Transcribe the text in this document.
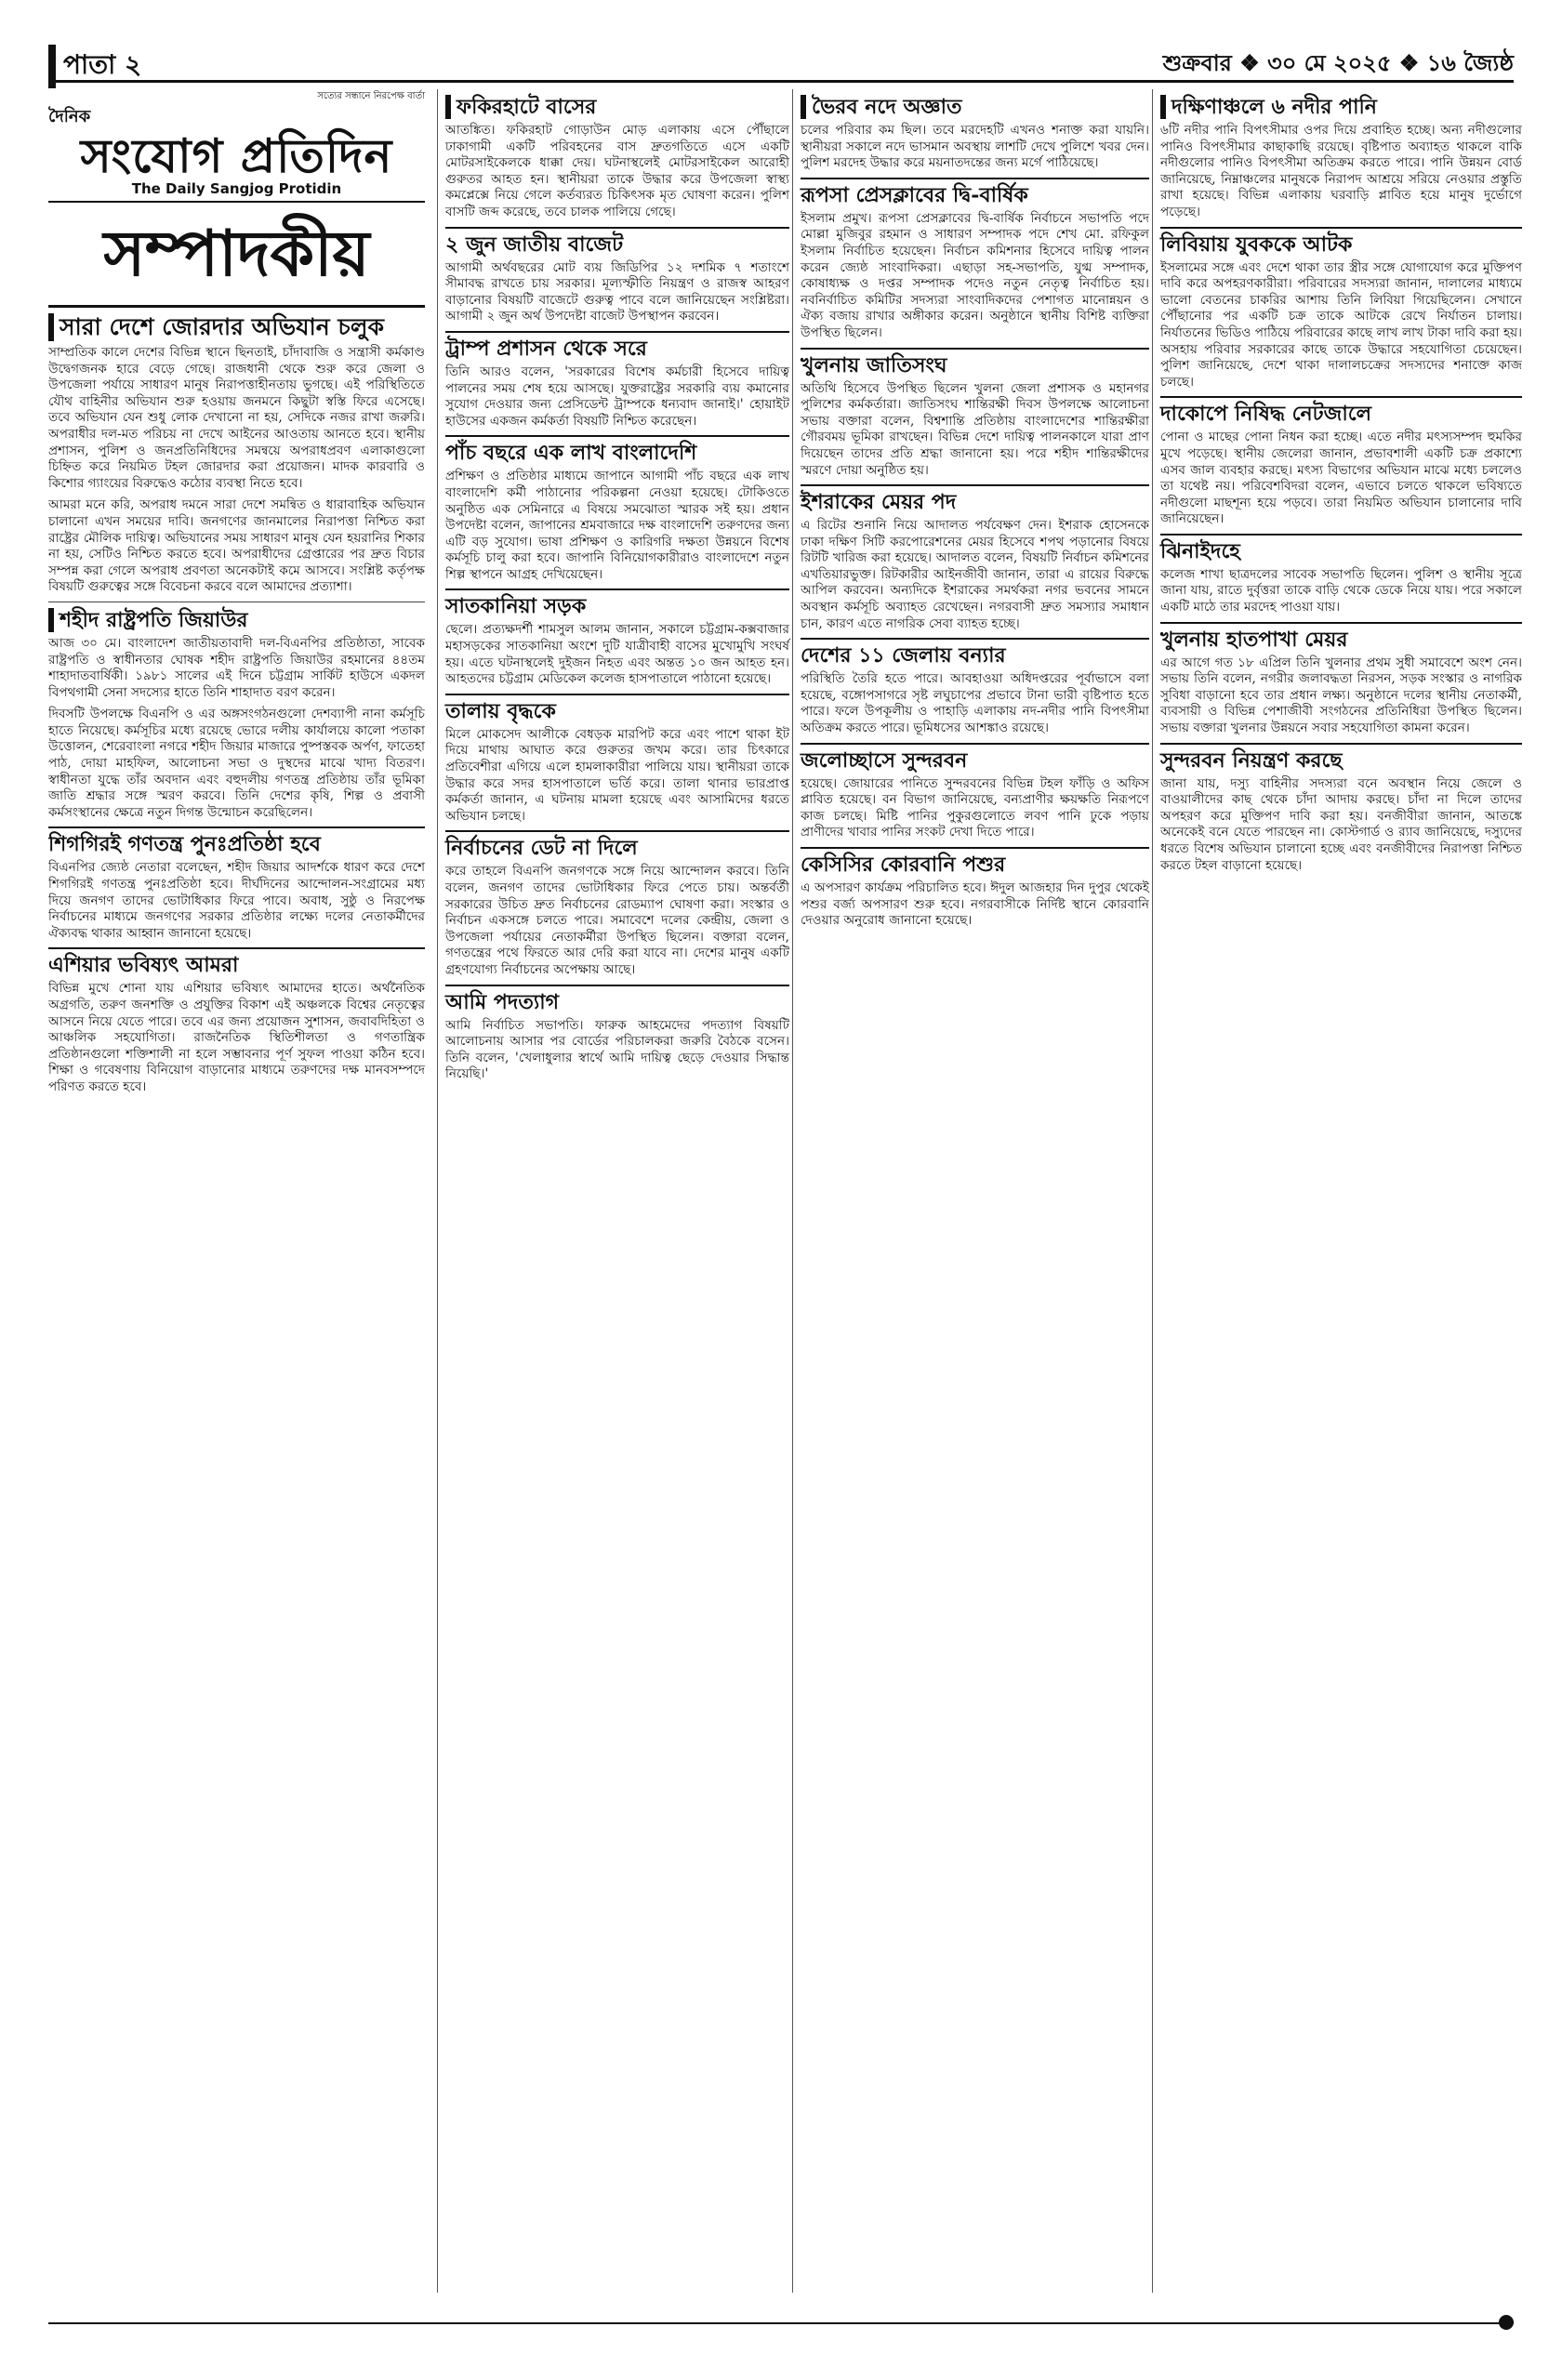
পাতা ২	শুক্রবার ❖ ৩০ মে ২০২৫ ❖ ১৬ জ্যৈষ্ঠ
সত্যের সন্ধানে নিরপেক্ষ বার্তা
দৈনিক
সংযোগ প্রতিদিন
The Daily Sangjog Protidin
সম্পাদকীয়
সারা দেশে জোরদার অভিযান চলুক

সাম্প্রতিক কালে দেশের বিভিন্ন স্থানে ছিনতাই, চাঁদাবাজি ও সন্ত্রাসী কর্মকাণ্ড উদ্বেগজনক হারে বেড়ে গেছে। রাজধানী থেকে শুরু করে জেলা ও উপজেলা পর্যায়ে সাধারণ মানুষ নিরাপত্তাহীনতায় ভুগছে। এই পরিস্থিতিতে যৌথ বাহিনীর অভিযান শুরু হওয়ায় জনমনে কিছুটা স্বস্তি ফিরে এসেছে। তবে অভিযান যেন শুধু লোক দেখানো না হয়, সেদিকে নজর রাখা জরুরি। অপরাধীর দল-মত পরিচয় না দেখে আইনের আওতায় আনতে হবে। স্থানীয় প্রশাসন, পুলিশ ও জনপ্রতিনিধিদের সমন্বয়ে অপরাধপ্রবণ এলাকাগুলো চিহ্নিত করে নিয়মিত টহল জোরদার করা প্রয়োজন। মাদক কারবারি ও কিশোর গ্যাংয়ের বিরুদ্ধেও কঠোর ব্যবস্থা নিতে হবে।

আমরা মনে করি, অপরাধ দমনে সারা দেশে সমন্বিত ও ধারাবাহিক অভিযান চালানো এখন সময়ের দাবি। জনগণের জানমালের নিরাপত্তা নিশ্চিত করা রাষ্ট্রের মৌলিক দায়িত্ব। অভিযানের সময় সাধারণ মানুষ যেন হয়রানির শিকার না হয়, সেটিও নিশ্চিত করতে হবে। অপরাধীদের গ্রেপ্তারের পর দ্রুত বিচার সম্পন্ন করা গেলে অপরাধ প্রবণতা অনেকটাই কমে আসবে। সংশ্লিষ্ট কর্তৃপক্ষ বিষয়টি গুরুত্বের সঙ্গে বিবেচনা করবে বলে আমাদের প্রত্যাশা।

শহীদ রাষ্ট্রপতি জিয়াউর

আজ ৩০ মে। বাংলাদেশ জাতীয়তাবাদী দল-বিএনপির প্রতিষ্ঠাতা, সাবেক রাষ্ট্রপতি ও স্বাধীনতার ঘোষক শহীদ রাষ্ট্রপতি জিয়াউর রহমানের ৪৪তম শাহাদাতবার্ষিকী। ১৯৮১ সালের এই দিনে চট্টগ্রাম সার্কিট হাউসে একদল বিপথগামী সেনা সদস্যের হাতে তিনি শাহাদাত বরণ করেন।

দিবসটি উপলক্ষে বিএনপি ও এর অঙ্গসংগঠনগুলো দেশব্যাপী নানা কর্মসূচি হাতে নিয়েছে। কর্মসূচির মধ্যে রয়েছে ভোরে দলীয় কার্যালয়ে কালো পতাকা উত্তোলন, শেরেবাংলা নগরে শহীদ জিয়ার মাজারে পুষ্পস্তবক অর্পণ, ফাতেহা পাঠ, দোয়া মাহফিল, আলোচনা সভা ও দুস্থদের মাঝে খাদ্য বিতরণ। স্বাধীনতা যুদ্ধে তাঁর অবদান এবং বহুদলীয় গণতন্ত্র প্রতিষ্ঠায় তাঁর ভূমিকা জাতি শ্রদ্ধার সঙ্গে স্মরণ করবে। তিনি দেশের কৃষি, শিল্প ও প্রবাসী কর্মসংস্থানের ক্ষেত্রে নতুন দিগন্ত উন্মোচন করেছিলেন।

শিগগিরই গণতন্ত্র পুনঃপ্রতিষ্ঠা হবে

বিএনপির জ্যেষ্ঠ নেতারা বলেছেন, শহীদ জিয়ার আদর্শকে ধারণ করে দেশে শিগগিরই গণতন্ত্র পুনঃপ্রতিষ্ঠা হবে। দীর্ঘদিনের আন্দোলন-সংগ্রামের মধ্য দিয়ে জনগণ তাদের ভোটাধিকার ফিরে পাবে। অবাধ, সুষ্ঠু ও নিরপেক্ষ নির্বাচনের মাধ্যমে জনগণের সরকার প্রতিষ্ঠার লক্ষ্যে দলের নেতাকর্মীদের ঐক্যবদ্ধ থাকার আহ্বান জানানো হয়েছে।

এশিয়ার ভবিষ্যৎ আমরা

বিভিন্ন মুখে শোনা যায় এশিয়ার ভবিষ্যৎ আমাদের হাতে। অর্থনৈতিক অগ্রগতি, তরুণ জনশক্তি ও প্রযুক্তির বিকাশ এই অঞ্চলকে বিশ্বের নেতৃত্বের আসনে নিয়ে যেতে পারে। তবে এর জন্য প্রয়োজন সুশাসন, জবাবদিহিতা ও আঞ্চলিক সহযোগিতা। রাজনৈতিক স্থিতিশীলতা ও গণতান্ত্রিক প্রতিষ্ঠানগুলো শক্তিশালী না হলে সম্ভাবনার পূর্ণ সুফল পাওয়া কঠিন হবে। শিক্ষা ও গবেষণায় বিনিয়োগ বাড়ানোর মাধ্যমে তরুণদের দক্ষ মানবসম্পদে পরিণত করতে হবে।

ফকিরহাটে বাসের

আতঙ্কিত। ফকিরহাট গোড়াউন মোড় এলাকায় এসে পৌঁছালে ঢাকাগামী একটি পরিবহনের বাস দ্রুতগতিতে এসে একটি মোটরসাইকেলকে ধাক্কা দেয়। ঘটনাস্থলেই মোটরসাইকেল আরোহী গুরুতর আহত হন। স্থানীয়রা তাকে উদ্ধার করে উপজেলা স্বাস্থ্য কমপ্লেক্সে নিয়ে গেলে কর্তব্যরত চিকিৎসক মৃত ঘোষণা করেন। পুলিশ বাসটি জব্দ করেছে, তবে চালক পালিয়ে গেছে।

২ জুন জাতীয় বাজেট

আগামী অর্থবছরের মোট ব্যয় জিডিপির ১২ দশমিক ৭ শতাংশে সীমাবদ্ধ রাখতে চায় সরকার। মূল্যস্ফীতি নিয়ন্ত্রণ ও রাজস্ব আহরণ বাড়ানোর বিষয়টি বাজেটে গুরুত্ব পাবে বলে জানিয়েছেন সংশ্লিষ্টরা। আগামী ২ জুন অর্থ উপদেষ্টা বাজেট উপস্থাপন করবেন।

ট্রাম্প প্রশাসন থেকে সরে

তিনি আরও বলেন, 'সরকারের বিশেষ কর্মচারী হিসেবে দায়িত্ব পালনের সময় শেষ হয়ে আসছে। যুক্তরাষ্ট্রের সরকারি ব্যয় কমানোর সুযোগ দেওয়ার জন্য প্রেসিডেন্ট ট্রাম্পকে ধন্যবাদ জানাই।' হোয়াইট হাউসের একজন কর্মকর্তা বিষয়টি নিশ্চিত করেছেন।

পাঁচ বছরে এক লাখ বাংলাদেশি

প্রশিক্ষণ ও প্রতিষ্ঠার মাধ্যমে জাপানে আগামী পাঁচ বছরে এক লাখ বাংলাদেশি কর্মী পাঠানোর পরিকল্পনা নেওয়া হয়েছে। টোকিওতে অনুষ্ঠিত এক সেমিনারে এ বিষয়ে সমঝোতা স্মারক সই হয়। প্রধান উপদেষ্টা বলেন, জাপানের শ্রমবাজারে দক্ষ বাংলাদেশি তরুণদের জন্য এটি বড় সুযোগ। ভাষা প্রশিক্ষণ ও কারিগরি দক্ষতা উন্নয়নে বিশেষ কর্মসূচি চালু করা হবে। জাপানি বিনিয়োগকারীরাও বাংলাদেশে নতুন শিল্প স্থাপনে আগ্রহ দেখিয়েছেন।

সাতকানিয়া সড়ক

ছেলে। প্রত্যক্ষদর্শী শামসুল আলম জানান, সকালে চট্টগ্রাম-কক্সবাজার মহাসড়কের সাতকানিয়া অংশে দুটি যাত্রীবাহী বাসের মুখোমুখি সংঘর্ষ হয়। এতে ঘটনাস্থলেই দুইজন নিহত এবং অন্তত ১০ জন আহত হন। আহতদের চট্টগ্রাম মেডিকেল কলেজ হাসপাতালে পাঠানো হয়েছে।

তালায় বৃদ্ধকে

মিলে মোকসেদ আলীকে বেধড়ক মারপিট করে এবং পাশে থাকা ইট দিয়ে মাথায় আঘাত করে গুরুতর জখম করে। তার চিৎকারে প্রতিবেশীরা এগিয়ে এলে হামলাকারীরা পালিয়ে যায়। স্থানীয়রা তাকে উদ্ধার করে সদর হাসপাতালে ভর্তি করে। তালা থানার ভারপ্রাপ্ত কর্মকর্তা জানান, এ ঘটনায় মামলা হয়েছে এবং আসামিদের ধরতে অভিযান চলছে।

নির্বাচনের ডেট না দিলে

করে তাহলে বিএনপি জনগণকে সঙ্গে নিয়ে আন্দোলন করবে। তিনি বলেন, জনগণ তাদের ভোটাধিকার ফিরে পেতে চায়। অন্তর্বর্তী সরকারের উচিত দ্রুত নির্বাচনের রোডম্যাপ ঘোষণা করা। সংস্কার ও নির্বাচন একসঙ্গে চলতে পারে। সমাবেশে দলের কেন্দ্রীয়, জেলা ও উপজেলা পর্যায়ের নেতাকর্মীরা উপস্থিত ছিলেন। বক্তারা বলেন, গণতন্ত্রের পথে ফিরতে আর দেরি করা যাবে না। দেশের মানুষ একটি গ্রহণযোগ্য নির্বাচনের অপেক্ষায় আছে।

আমি পদত্যাগ

আমি নির্বাচিত সভাপতি। ফারুক আহমেদের পদত্যাগ বিষয়টি আলোচনায় আসার পর বোর্ডের পরিচালকরা জরুরি বৈঠকে বসেন। তিনি বলেন, 'খেলাধুলার স্বার্থে আমি দায়িত্ব ছেড়ে দেওয়ার সিদ্ধান্ত নিয়েছি।'

ভৈরব নদে অজ্ঞাত

চলের পরিবার কম ছিল। তবে মরদেহটি এখনও শনাক্ত করা যায়নি। স্থানীয়রা সকালে নদে ভাসমান অবস্থায় লাশটি দেখে পুলিশে খবর দেন। পুলিশ মরদেহ উদ্ধার করে ময়নাতদন্তের জন্য মর্গে পাঠিয়েছে।

রূপসা প্রেসক্লাবের দ্বি-বার্ষিক

ইসলাম প্রমুখ। রূপসা প্রেসক্লাবের দ্বি-বার্ষিক নির্বাচনে সভাপতি পদে মোল্লা মুজিবুর রহমান ও সাধারণ সম্পাদক পদে শেখ মো. রফিকুল ইসলাম নির্বাচিত হয়েছেন। নির্বাচন কমিশনার হিসেবে দায়িত্ব পালন করেন জ্যেষ্ঠ সাংবাদিকরা। এছাড়া সহ-সভাপতি, যুগ্ম সম্পাদক, কোষাধ্যক্ষ ও দপ্তর সম্পাদক পদেও নতুন নেতৃত্ব নির্বাচিত হয়। নবনির্বাচিত কমিটির সদস্যরা সাংবাদিকদের পেশাগত মানোন্নয়ন ও ঐক্য বজায় রাখার অঙ্গীকার করেন। অনুষ্ঠানে স্থানীয় বিশিষ্ট ব্যক্তিরা উপস্থিত ছিলেন।

খুলনায় জাতিসংঘ

অতিথি হিসেবে উপস্থিত ছিলেন খুলনা জেলা প্রশাসক ও মহানগর পুলিশের কর্মকর্তারা। জাতিসংঘ শান্তিরক্ষী দিবস উপলক্ষে আলোচনা সভায় বক্তারা বলেন, বিশ্বশান্তি প্রতিষ্ঠায় বাংলাদেশের শান্তিরক্ষীরা গৌরবময় ভূমিকা রাখছেন। বিভিন্ন দেশে দায়িত্ব পালনকালে যারা প্রাণ দিয়েছেন তাদের প্রতি শ্রদ্ধা জানানো হয়। পরে শহীদ শান্তিরক্ষীদের স্মরণে দোয়া অনুষ্ঠিত হয়।

ইশরাকের মেয়র পদ

এ রিটের শুনানি নিয়ে আদালত পর্যবেক্ষণ দেন। ইশরাক হোসেনকে ঢাকা দক্ষিণ সিটি করপোরেশনের মেয়র হিসেবে শপথ পড়ানোর বিষয়ে রিটটি খারিজ করা হয়েছে। আদালত বলেন, বিষয়টি নির্বাচন কমিশনের এখতিয়ারভুক্ত। রিটকারীর আইনজীবী জানান, তারা এ রায়ের বিরুদ্ধে আপিল করবেন। অন্যদিকে ইশরাকের সমর্থকরা নগর ভবনের সামনে অবস্থান কর্মসূচি অব্যাহত রেখেছেন। নগরবাসী দ্রুত সমস্যার সমাধান চান, কারণ এতে নাগরিক সেবা ব্যাহত হচ্ছে।

দেশের ১১ জেলায় বন্যার

পরিস্থিতি তৈরি হতে পারে। আবহাওয়া অধিদপ্তরের পূর্বাভাসে বলা হয়েছে, বঙ্গোপসাগরে সৃষ্ট লঘুচাপের প্রভাবে টানা ভারী বৃষ্টিপাত হতে পারে। ফলে উপকূলীয় ও পাহাড়ি এলাকায় নদ-নদীর পানি বিপৎসীমা অতিক্রম করতে পারে। ভূমিধসের আশঙ্কাও রয়েছে।

জলোচ্ছাসে সুন্দরবন

হয়েছে। জোয়ারের পানিতে সুন্দরবনের বিভিন্ন টহল ফাঁড়ি ও অফিস প্লাবিত হয়েছে। বন বিভাগ জানিয়েছে, বন্যপ্রাণীর ক্ষয়ক্ষতি নিরূপণে কাজ চলছে। মিষ্টি পানির পুকুরগুলোতে লবণ পানি ঢুকে পড়ায় প্রাণীদের খাবার পানির সংকট দেখা দিতে পারে।

কেসিসির কোরবানি পশুর

এ অপসারণ কার্যক্রম পরিচালিত হবে। ঈদুল আজহার দিন দুপুর থেকেই পশুর বর্জ্য অপসারণ শুরু হবে। নগরবাসীকে নির্দিষ্ট স্থানে কোরবানি দেওয়ার অনুরোধ জানানো হয়েছে।

দক্ষিণাঞ্চলে ৬ নদীর পানি

৬টি নদীর পানি বিপৎসীমার ওপর দিয়ে প্রবাহিত হচ্ছে। অন্য নদীগুলোর পানিও বিপৎসীমার কাছাকাছি রয়েছে। বৃষ্টিপাত অব্যাহত থাকলে বাকি নদীগুলোর পানিও বিপৎসীমা অতিক্রম করতে পারে। পানি উন্নয়ন বোর্ড জানিয়েছে, নিম্নাঞ্চলের মানুষকে নিরাপদ আশ্রয়ে সরিয়ে নেওয়ার প্রস্তুতি রাখা হয়েছে। বিভিন্ন এলাকায় ঘরবাড়ি প্লাবিত হয়ে মানুষ দুর্ভোগে পড়েছে।

লিবিয়ায় যুবককে আটক

ইসলামের সঙ্গে এবং দেশে থাকা তার স্ত্রীর সঙ্গে যোগাযোগ করে মুক্তিপণ দাবি করে অপহরণকারীরা। পরিবারের সদস্যরা জানান, দালালের মাধ্যমে ভালো বেতনের চাকরির আশায় তিনি লিবিয়া গিয়েছিলেন। সেখানে পৌঁছানোর পর একটি চক্র তাকে আটকে রেখে নির্যাতন চালায়। নির্যাতনের ভিডিও পাঠিয়ে পরিবারের কাছে লাখ লাখ টাকা দাবি করা হয়। অসহায় পরিবার সরকারের কাছে তাকে উদ্ধারে সহযোগিতা চেয়েছেন। পুলিশ জানিয়েছে, দেশে থাকা দালালচক্রের সদস্যদের শনাক্তে কাজ চলছে।

দাকোপে নিষিদ্ধ নেটজালে

পোনা ও মাছের পোনা নিধন করা হচ্ছে। এতে নদীর মৎস্যসম্পদ হুমকির মুখে পড়েছে। স্থানীয় জেলেরা জানান, প্রভাবশালী একটি চক্র প্রকাশ্যে এসব জাল ব্যবহার করছে। মৎস্য বিভাগের অভিযান মাঝে মধ্যে চললেও তা যথেষ্ট নয়। পরিবেশবিদরা বলেন, এভাবে চলতে থাকলে ভবিষ্যতে নদীগুলো মাছশূন্য হয়ে পড়বে। তারা নিয়মিত অভিযান চালানোর দাবি জানিয়েছেন।

ঝিনাইদহে

কলেজ শাখা ছাত্রদলের সাবেক সভাপতি ছিলেন। পুলিশ ও স্থানীয় সূত্রে জানা যায়, রাতে দুর্বৃত্তরা তাকে বাড়ি থেকে ডেকে নিয়ে যায়। পরে সকালে একটি মাঠে তার মরদেহ পাওয়া যায়।

খুলনায় হাতপাখা মেয়র

এর আগে গত ১৮ এপ্রিল তিনি খুলনার প্রথম সুধী সমাবেশে অংশ নেন। সভায় তিনি বলেন, নগরীর জলাবদ্ধতা নিরসন, সড়ক সংস্কার ও নাগরিক সুবিধা বাড়ানো হবে তার প্রধান লক্ষ্য। অনুষ্ঠানে দলের স্থানীয় নেতাকর্মী, ব্যবসায়ী ও বিভিন্ন পেশাজীবী সংগঠনের প্রতিনিধিরা উপস্থিত ছিলেন। সভায় বক্তারা খুলনার উন্নয়নে সবার সহযোগিতা কামনা করেন।

সুন্দরবন নিয়ন্ত্রণ করছে

জানা যায়, দস্যু বাহিনীর সদস্যরা বনে অবস্থান নিয়ে জেলে ও বাওয়ালীদের কাছ থেকে চাঁদা আদায় করছে। চাঁদা না দিলে তাদের অপহরণ করে মুক্তিপণ দাবি করা হয়। বনজীবীরা জানান, আতঙ্কে অনেকেই বনে যেতে পারছেন না। কোস্টগার্ড ও র‌্যাব জানিয়েছে, দস্যুদের ধরতে বিশেষ অভিযান চালানো হচ্ছে এবং বনজীবীদের নিরাপত্তা নিশ্চিত করতে টহল বাড়ানো হয়েছে।
